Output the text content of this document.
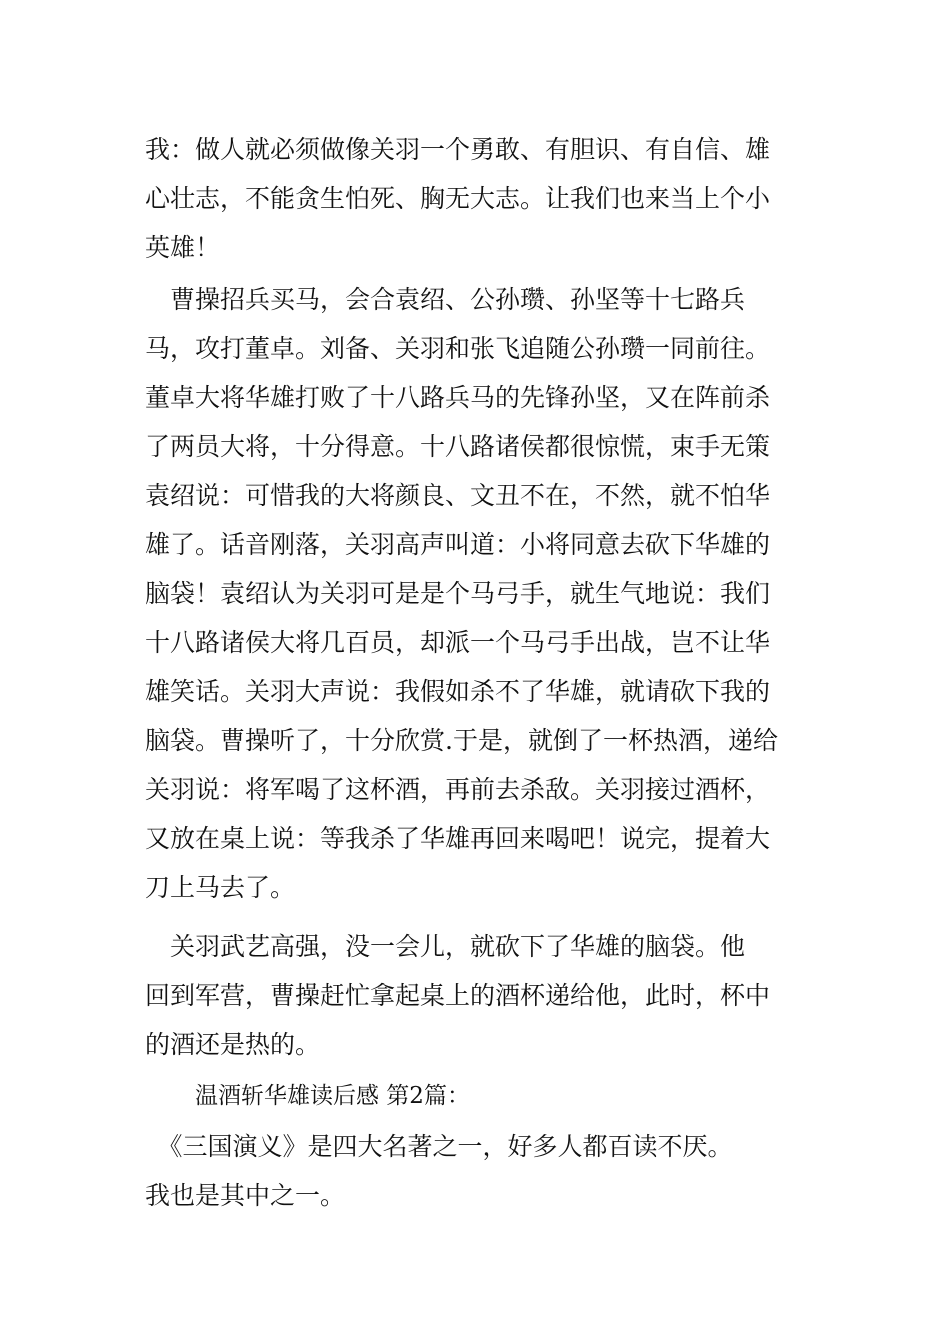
我：做人就必须做像关羽一个勇敢、有胆识、有自信、雄
心壮志，不能贪生怕死、胸无大志。让我们也来当上个小
英雄！
　曹操招兵买马，会合袁绍、公孙瓒、孙坚等十七路兵
马，攻打董卓。刘备、关羽和张飞追随公孙瓒一同前往。
董卓大将华雄打败了十八路兵马的先锋孙坚，又在阵前杀
了两员大将，十分得意。十八路诸侯都很惊慌，束手无策
袁绍说：可惜我的大将颜良、文丑不在，不然，就不怕华
雄了。话音刚落，关羽高声叫道：小将同意去砍下华雄的
脑袋！袁绍认为关羽可是是个马弓手，就生气地说：我们
十八路诸侯大将几百员，却派一个马弓手出战，岂不让华
雄笑话。关羽大声说：我假如杀不了华雄，就请砍下我的
脑袋。曹操听了，十分欣赏.于是，就倒了一杯热酒，递给
关羽说：将军喝了这杯酒，再前去杀敌。关羽接过酒杯，
又放在桌上说：等我杀了华雄再回来喝吧！说完，提着大
刀上马去了。
　关羽武艺高强，没一会儿，就砍下了华雄的脑袋。他
回到军营，曹操赶忙拿起桌上的酒杯递给他，此时，杯中
的酒还是热的。
温酒斩华雄读后感 第2篇：
　《三国演义》是四大名著之一，好多人都百读不厌。
我也是其中之一。
